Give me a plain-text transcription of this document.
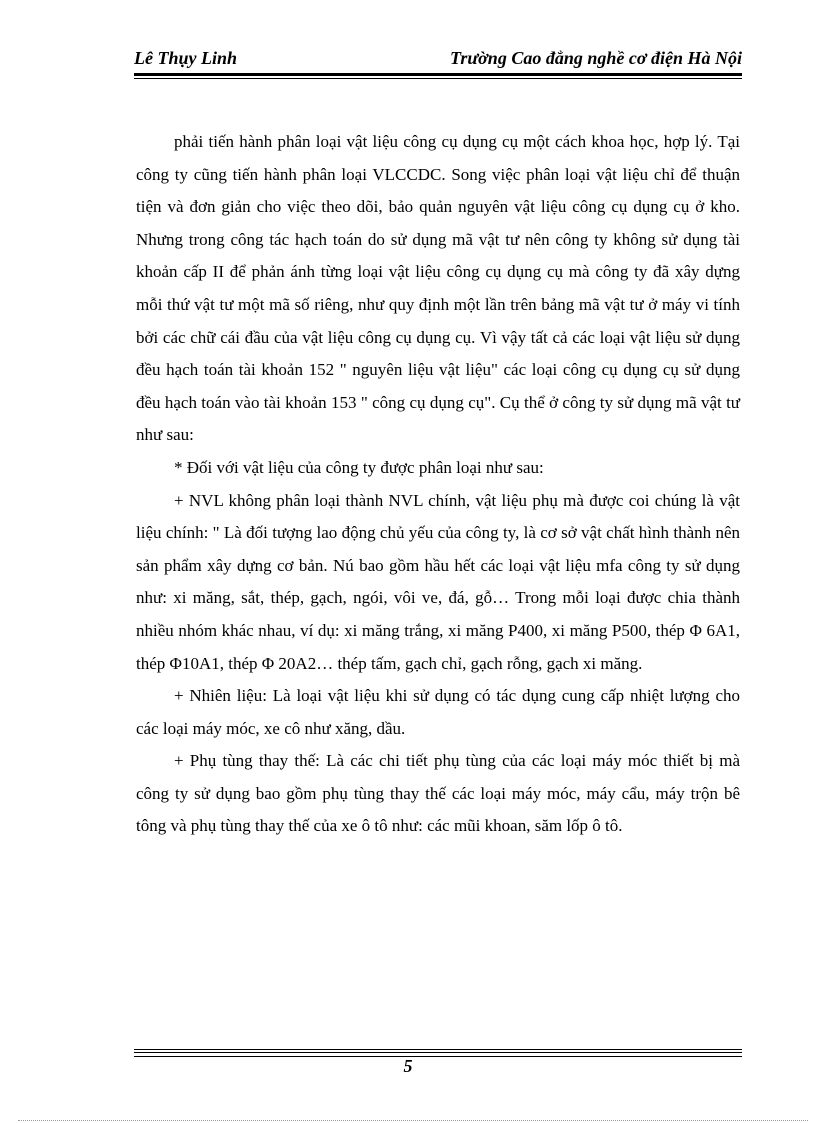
Lê Thụy Linh	Trường Cao đẳng nghề cơ điện Hà Nội

phải tiến hành phân loại vật liệu công cụ dụng cụ một cách khoa học, hợp lý. Tại công ty cũng tiến hành phân loại VLCCDC. Song việc phân loại vật liệu chỉ để thuận tiện và đơn giản cho việc theo dõi, bảo quản nguyên vật liệu công cụ dụng cụ ở kho. Nhưng trong công tác hạch toán do sử dụng mã vật tư nên công ty không sử dụng tài khoản cấp II để phản ánh từng loại vật liệu công cụ dụng cụ mà công ty đã xây dựng mỗi thứ vật tư một mã số riêng, như quy định một lần trên bảng mã vật tư ở máy vi tính bởi các chữ cái đầu của vật liệu công cụ dụng cụ. Vì vậy tất cả các loại vật liệu sử dụng đều hạch toán tài khoản 152 " nguyên liệu vật liệu" các loại công cụ dụng cụ sử dụng đều hạch toán vào tài khoản 153 " công cụ dụng cụ". Cụ thể ở công ty sử dụng mã vật tư như sau:

* Đối với vật liệu của công ty được phân loại như sau:

+ NVL không phân loại thành NVL chính, vật liệu phụ mà được coi chúng là vật liệu chính: " Là đối tượng lao động chủ yếu của công ty, là cơ sở vật chất hình thành nên sản phẩm xây dựng cơ bản. Nú bao gồm hầu hết các loại vật liệu mfa công ty sử dụng như: xi măng, sắt, thép, gạch, ngói, vôi ve, đá, gỗ… Trong mỗi loại được chia thành nhiều nhóm khác nhau, ví dụ: xi măng trắng, xi măng P400, xi măng P500, thép Φ 6A1, thép Φ10A1, thép Φ 20A2… thép tấm, gạch chỉ, gạch rỗng, gạch xi măng.

+ Nhiên liệu: Là loại vật liệu khi sử dụng có tác dụng cung cấp nhiệt lượng cho các loại máy móc, xe cô như xăng, dầu.

+ Phụ tùng thay thế: Là các chi tiết phụ tùng của các loại máy móc thiết bị mà công ty sử dụng bao gồm phụ tùng thay thế các loại máy móc, máy cẩu, máy trộn bê tông và phụ tùng thay thế của xe ô tô như: các mũi khoan, săm lốp ô tô.

5
